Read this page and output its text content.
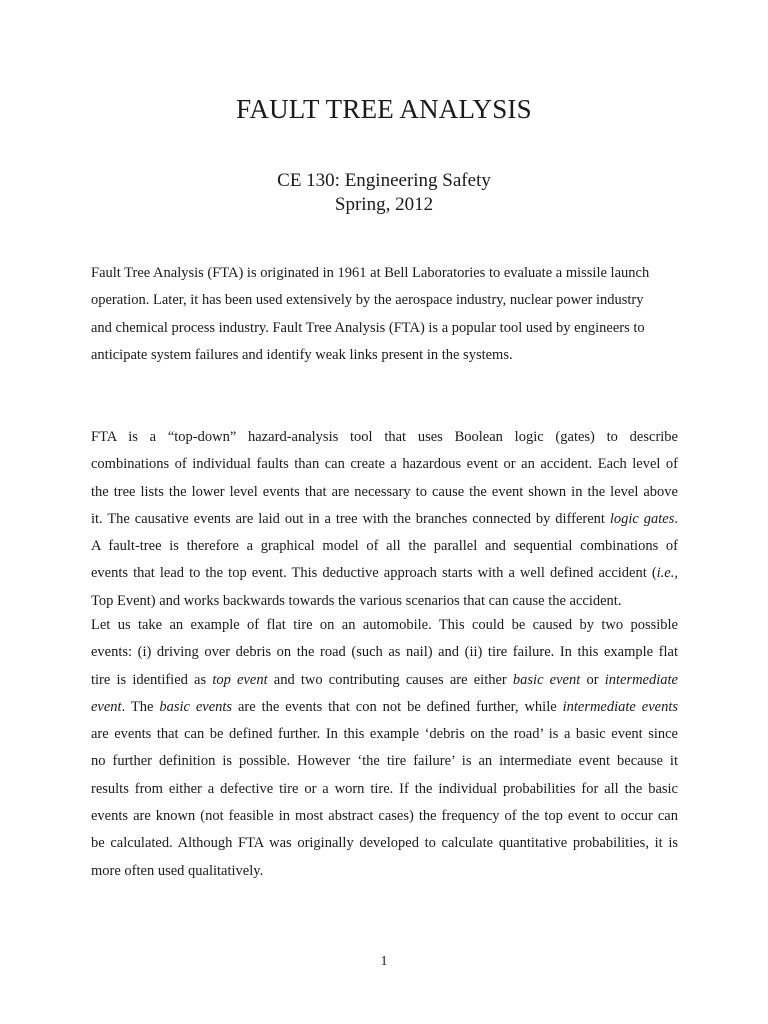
FAULT TREE ANALYSIS

CE 130: Engineering Safety

Spring, 2012

Fault Tree Analysis (FTA) is originated in 1961 at Bell Laboratories to evaluate a missile launch
operation. Later, it has been used extensively by the aerospace industry, nuclear power industry
and chemical process industry. Fault Tree Analysis (FTA) is a popular tool used by engineers to
anticipate system failures and identify weak links present in the systems.
FTA is a “top-down” hazard-analysis tool that uses Boolean logic (gates) to describe
combinations of individual faults than can create a hazardous event or an accident. Each level of
the tree lists the lower level events that are necessary to cause the event shown in the level above
it. The causative events are laid out in a tree with the branches connected by different logic gates.
A fault-tree is therefore a graphical model of all the parallel and sequential combinations of
events that lead to the top event. This deductive approach starts with a well defined accident (i.e.,
Top Event) and works backwards towards the various scenarios that can cause the accident.
Let us take an example of flat tire on an automobile. This could be caused by two possible
events: (i) driving over debris on the road (such as nail) and (ii) tire failure. In this example flat
tire is identified as top event and two contributing causes are either basic event or intermediate
event. The basic events are the events that con not be defined further, while intermediate events
are events that can be defined further. In this example ‘debris on the road’ is a basic event since
no further definition is possible. However ‘the tire failure’ is an intermediate event because it
results from either a defective tire or a worn tire. If the individual probabilities for all the basic
events are known (not feasible in most abstract cases) the frequency of the top event to occur can
be calculated. Although FTA was originally developed to calculate quantitative probabilities, it is
more often used qualitatively.
1
